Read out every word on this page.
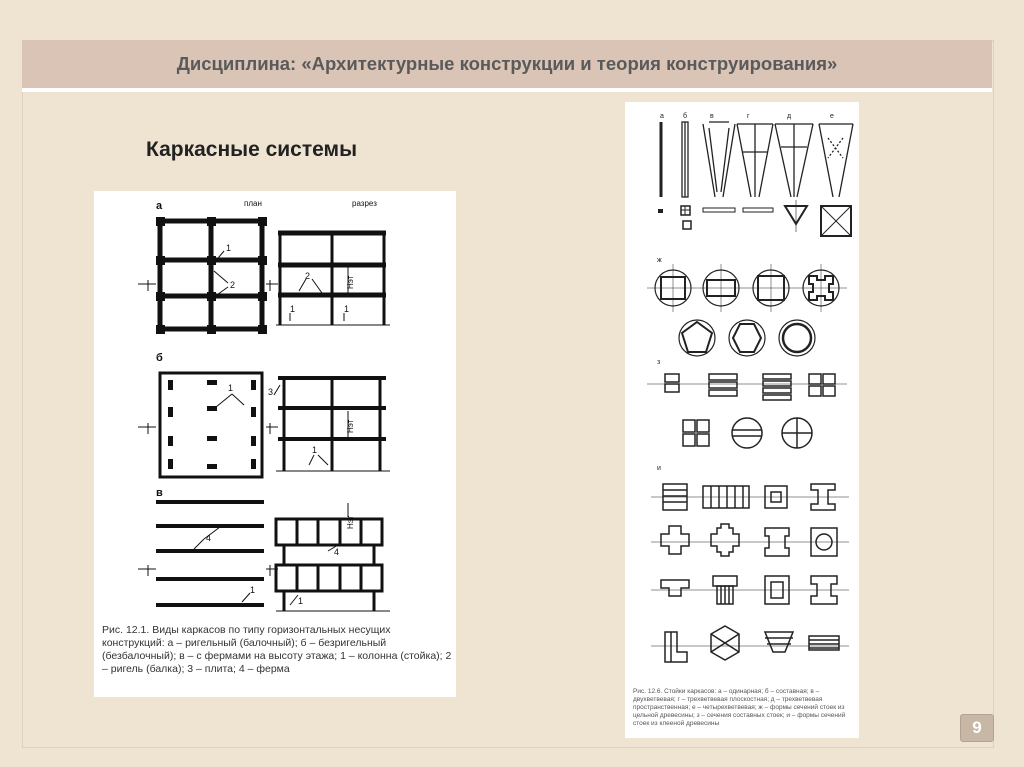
Дисциплина: «Архитектурные конструкции и теория конструирования»
Каркасные системы
а	план	разрез
б
в
1
2	Нэт
2
1	1
1	3
Нэт
1
4
1
Нэт
4
1
Рис. 12.1. Виды каркасов по типу горизонтальных несущих конструкций: а – ригельный (балочный); б – безригельный (безбалочный); в – с фермами на высоту этажа; 1 – колонна (стойка); 2 – ригель (балка); 3 – плита; 4 – ферма
а	б	в	г	д	е
ж
з
и
Рис. 12.6. Стойки каркасов: а – одинарная; б – составная; в – двухветвевая; г – трехветвевая плоскостная; д – трехветвевая пространственная; е – четырехветвевая; ж – формы сечений стоек из цельной древесины; з – сечения составных стоек; и – формы сечений стоек из клееной древесины	9
